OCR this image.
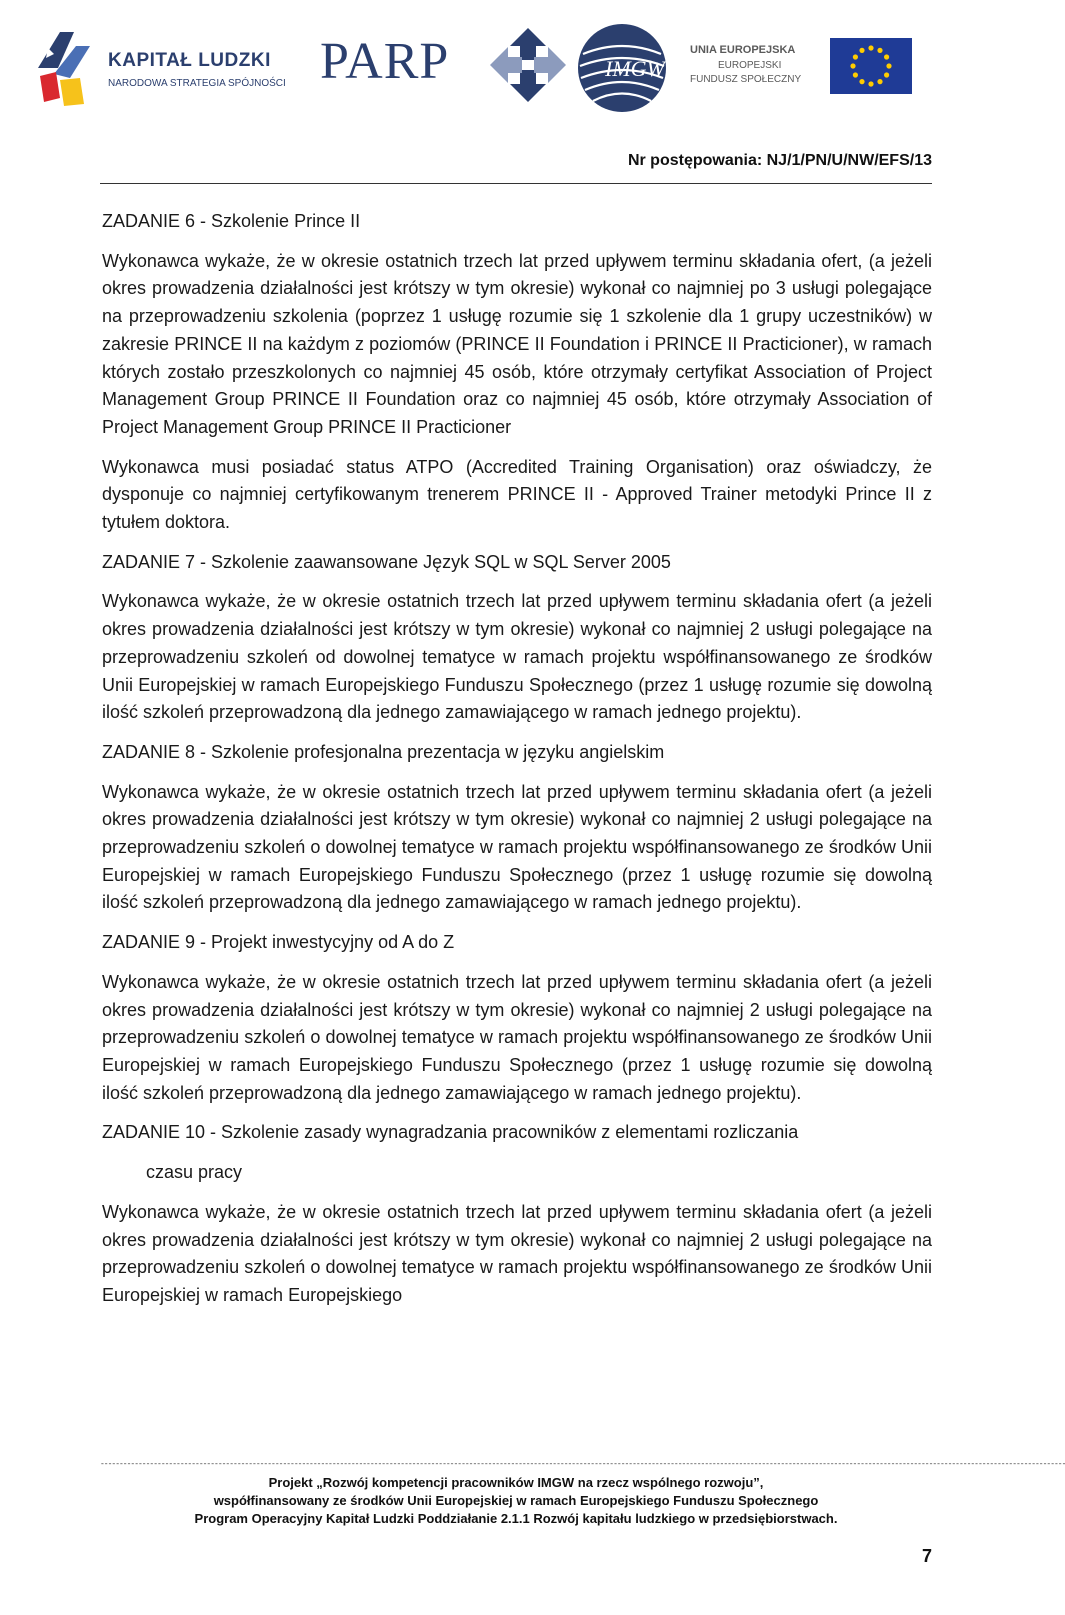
KAPITAŁ LUDZKI
NARODOWA STRATEGIA SPÓJNOŚCI PARP	IMGW
UNIA EUROPEJSKA
EUROPEJSKI
FUNDUSZ SPOŁECZNY
Nr postępowania: NJ/1/PN/U/NW/EFS/13
ZADANIE 6 - Szkolenie Prince II

Wykonawca wykaże, że w okresie ostatnich trzech lat przed upływem terminu składania ofert, (a jeżeli okres prowadzenia działalności jest krótszy w tym okresie) wykonał co najmniej po 3 usługi polegające na przeprowadzeniu szkolenia (poprzez 1 usługę rozumie się 1 szkolenie dla 1 grupy uczestników) w zakresie PRINCE II na każdym z poziomów (PRINCE II Foundation i PRINCE II Practicioner), w ramach których zostało przeszkolonych co najmniej 45 osób, które otrzymały certyfikat Association of Project Management Group PRINCE II Foundation oraz co najmniej 45 osób, które otrzymały Association of Project Management Group PRINCE II Practicioner

Wykonawca musi posiadać status ATPO (Accredited Training Organisation) oraz oświadczy, że dysponuje co najmniej certyfikowanym trenerem PRINCE II - Approved Trainer metodyki Prince II z tytułem doktora.

ZADANIE 7 - Szkolenie zaawansowane Język SQL w SQL Server 2005

Wykonawca wykaże, że w okresie ostatnich trzech lat przed upływem terminu składania ofert (a jeżeli okres prowadzenia działalności jest krótszy w tym okresie) wykonał co najmniej 2 usługi polegające na przeprowadzeniu szkoleń od dowolnej tematyce w ramach projektu współfinansowanego ze środków Unii Europejskiej w ramach Europejskiego Funduszu Społecznego (przez 1 usługę rozumie się dowolną ilość szkoleń przeprowadzoną dla jednego zamawiającego w ramach jednego projektu).

ZADANIE 8 - Szkolenie profesjonalna prezentacja w języku angielskim

Wykonawca wykaże, że w okresie ostatnich trzech lat przed upływem terminu składania ofert (a jeżeli okres prowadzenia działalności jest krótszy w tym okresie) wykonał co najmniej 2 usługi polegające na przeprowadzeniu szkoleń o dowolnej tematyce w ramach projektu współfinansowanego ze środków Unii Europejskiej w ramach Europejskiego Funduszu Społecznego (przez 1 usługę rozumie się dowolną ilość szkoleń przeprowadzoną dla jednego zamawiającego w ramach jednego projektu).

ZADANIE 9 - Projekt inwestycyjny od A do Z

Wykonawca wykaże, że w okresie ostatnich trzech lat przed upływem terminu składania ofert (a jeżeli okres prowadzenia działalności jest krótszy w tym okresie) wykonał co najmniej 2 usługi polegające na przeprowadzeniu szkoleń o dowolnej tematyce w ramach projektu współfinansowanego ze środków Unii Europejskiej w ramach Europejskiego Funduszu Społecznego (przez 1 usługę rozumie się dowolną ilość szkoleń przeprowadzoną dla jednego zamawiającego w ramach jednego projektu).

ZADANIE 10 - Szkolenie zasady wynagradzania pracowników z elementami rozliczania
czasu pracy

Wykonawca wykaże, że w okresie ostatnich trzech lat przed upływem terminu składania ofert (a jeżeli okres prowadzenia działalności jest krótszy w tym okresie) wykonał co najmniej 2 usługi polegające na przeprowadzeniu szkoleń o dowolnej tematyce w ramach projektu współfinansowanego ze środków Unii Europejskiej w ramach Europejskiego

--------------------------------------------------------------------------------------------------------------------------------------------------------------------------------------------------------------------------------------------------------------
Projekt „Rozwój kompetencji pracowników IMGW na rzecz wspólnego rozwoju”,
współfinansowany ze środków Unii Europejskiej w ramach Europejskiego Funduszu Społecznego
Program Operacyjny Kapitał Ludzki Poddziałanie 2.1.1 Rozwój kapitału ludzkiego w przedsiębiorstwach.
7
